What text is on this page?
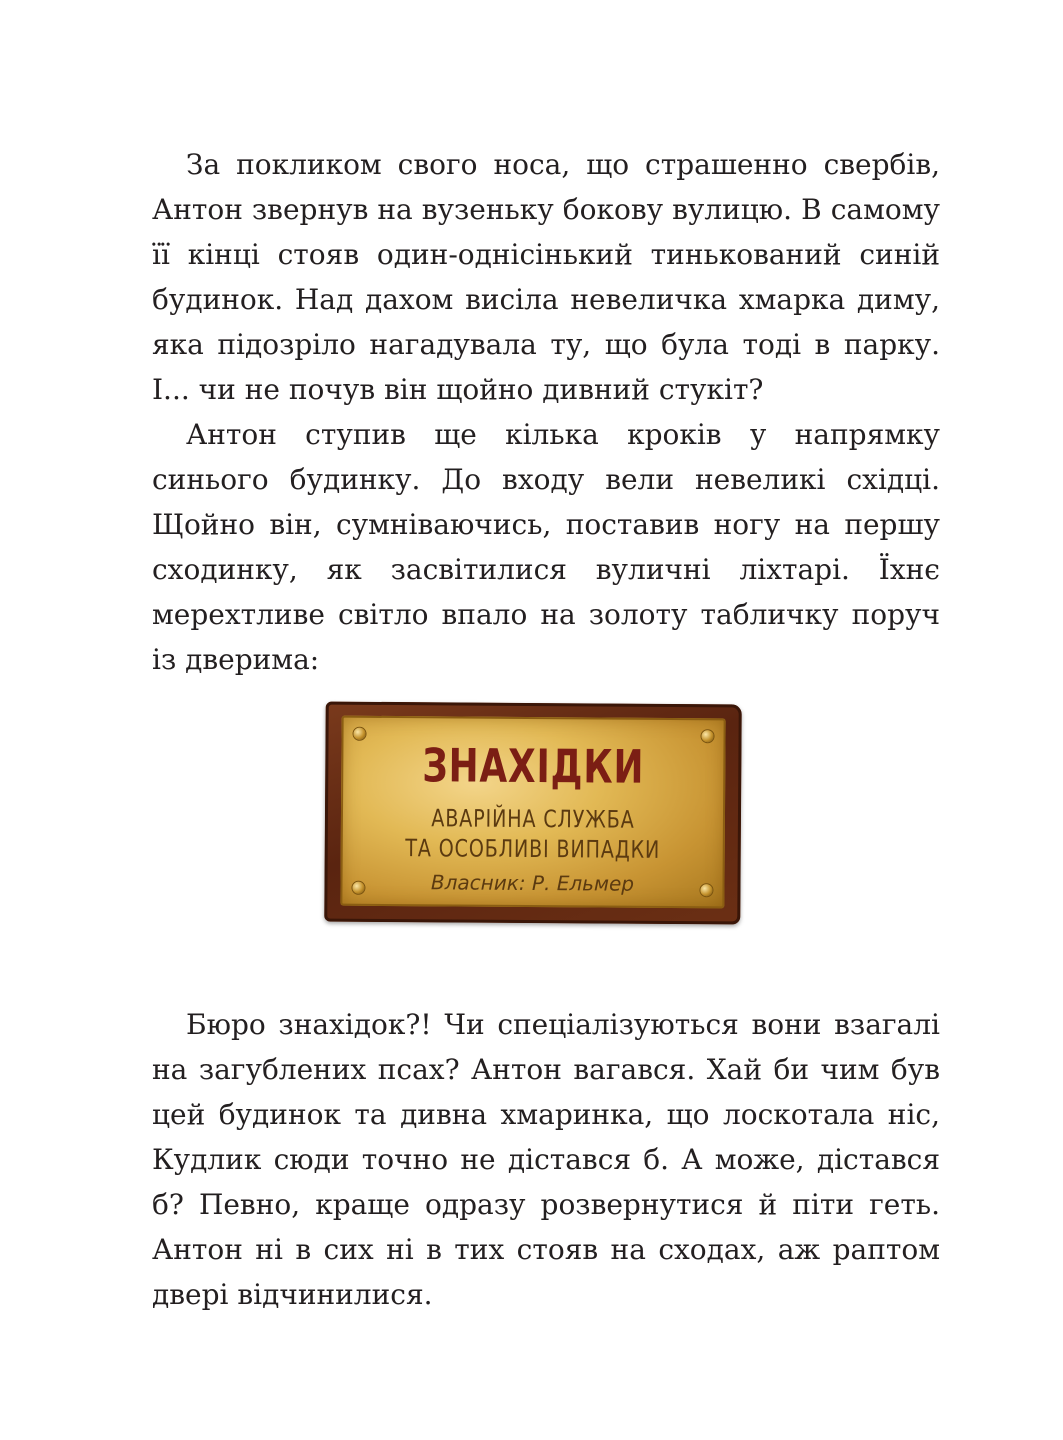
За покликом свого носа, що страшенно свербів, Антон звернув на вузеньку бокову вулицю. В самому її кінці стояв один-однісінький тинькований синій будинок. Над дахом висіла невеличка хмарка диму, яка підозріло нагадувала ту, що була тоді в парку. І... чи не почув він щойно дивний стукіт?

Антон ступив ще кілька кроків у напрямку синього будинку. До входу вели невеликі східці. Щойно він, сумніваючись, поставив ногу на першу сходинку, як засвітилися вуличні ліхтарі. Їхнє мерехтливе світло впало на золоту табличку поруч із дверима:

ЗНАХІДКИ
АВАРІЙНА СЛУЖБА
ТА ОСОБЛИВІ ВИПАДКИ
Власник: Р. Ельмер

Бюро знахідок?! Чи спеціалізуються вони взагалі на загублених псах? Антон вагався. Хай би чим був цей будинок та дивна хмаринка, що лоскотала ніс, Кудлик сюди точно не дістався б. А може, дістався б? Певно, краще одразу розвернутися й піти геть. Антон ні в сих ні в тих стояв на сходах, аж раптом двері відчинилися.
